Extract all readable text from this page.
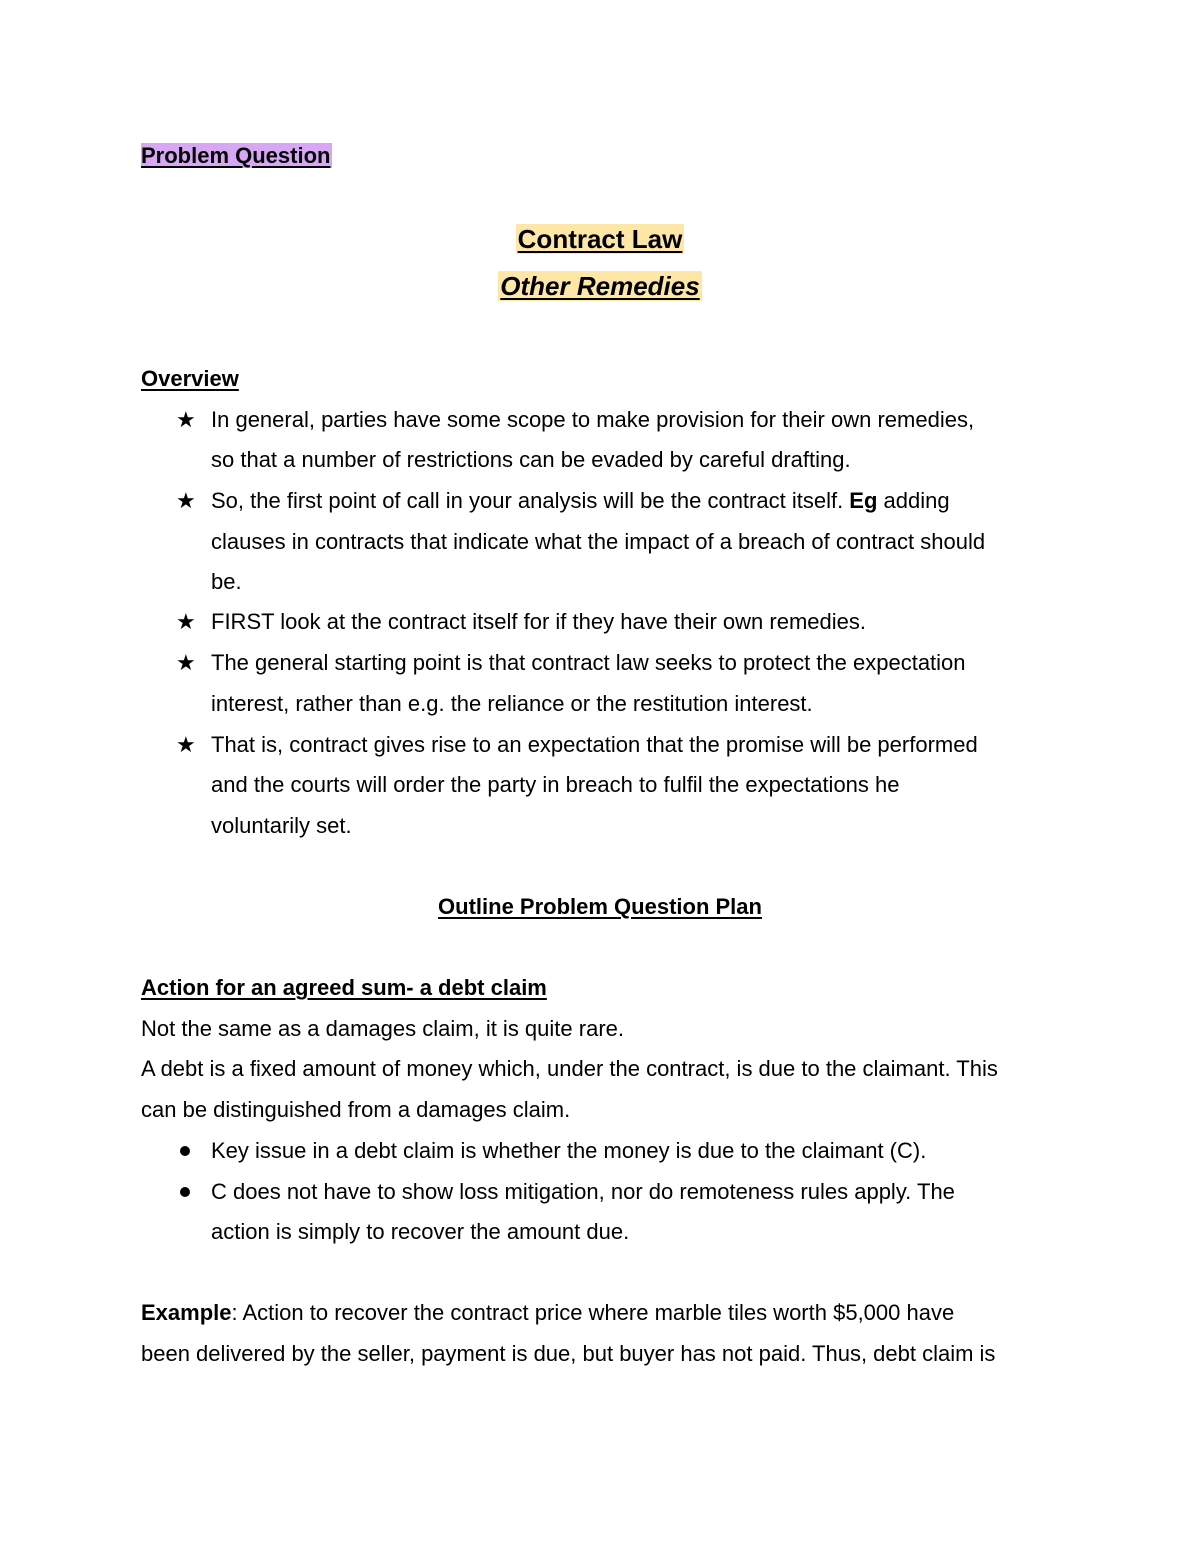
Problem Question
Contract Law
Other Remedies
Overview
★ In general, parties have some scope to make provision for their own remedies,
so that a number of restrictions can be evaded by careful drafting.
★ So, the first point of call in your analysis will be the contract itself. Eg adding
clauses in contracts that indicate what the impact of a breach of contract should
be.
★ FIRST look at the contract itself for if they have their own remedies.
★ The general starting point is that contract law seeks to protect the expectation
interest, rather than e.g. the reliance or the restitution interest.
★ That is, contract gives rise to an expectation that the promise will be performed
and the courts will order the party in breach to fulfil the expectations he
voluntarily set.
Outline Problem Question Plan
Action for an agreed sum- a debt claim
Not the same as a damages claim, it is quite rare.
A debt is a fixed amount of money which, under the contract, is due to the claimant. This
can be distinguished from a damages claim.
Key issue in a debt claim is whether the money is due to the claimant (C).
C does not have to show loss mitigation, nor do remoteness rules apply. The
action is simply to recover the amount due.
Example: Action to recover the contract price where marble tiles worth $5,000 have
been delivered by the seller, payment is due, but buyer has not paid. Thus, debt claim is
